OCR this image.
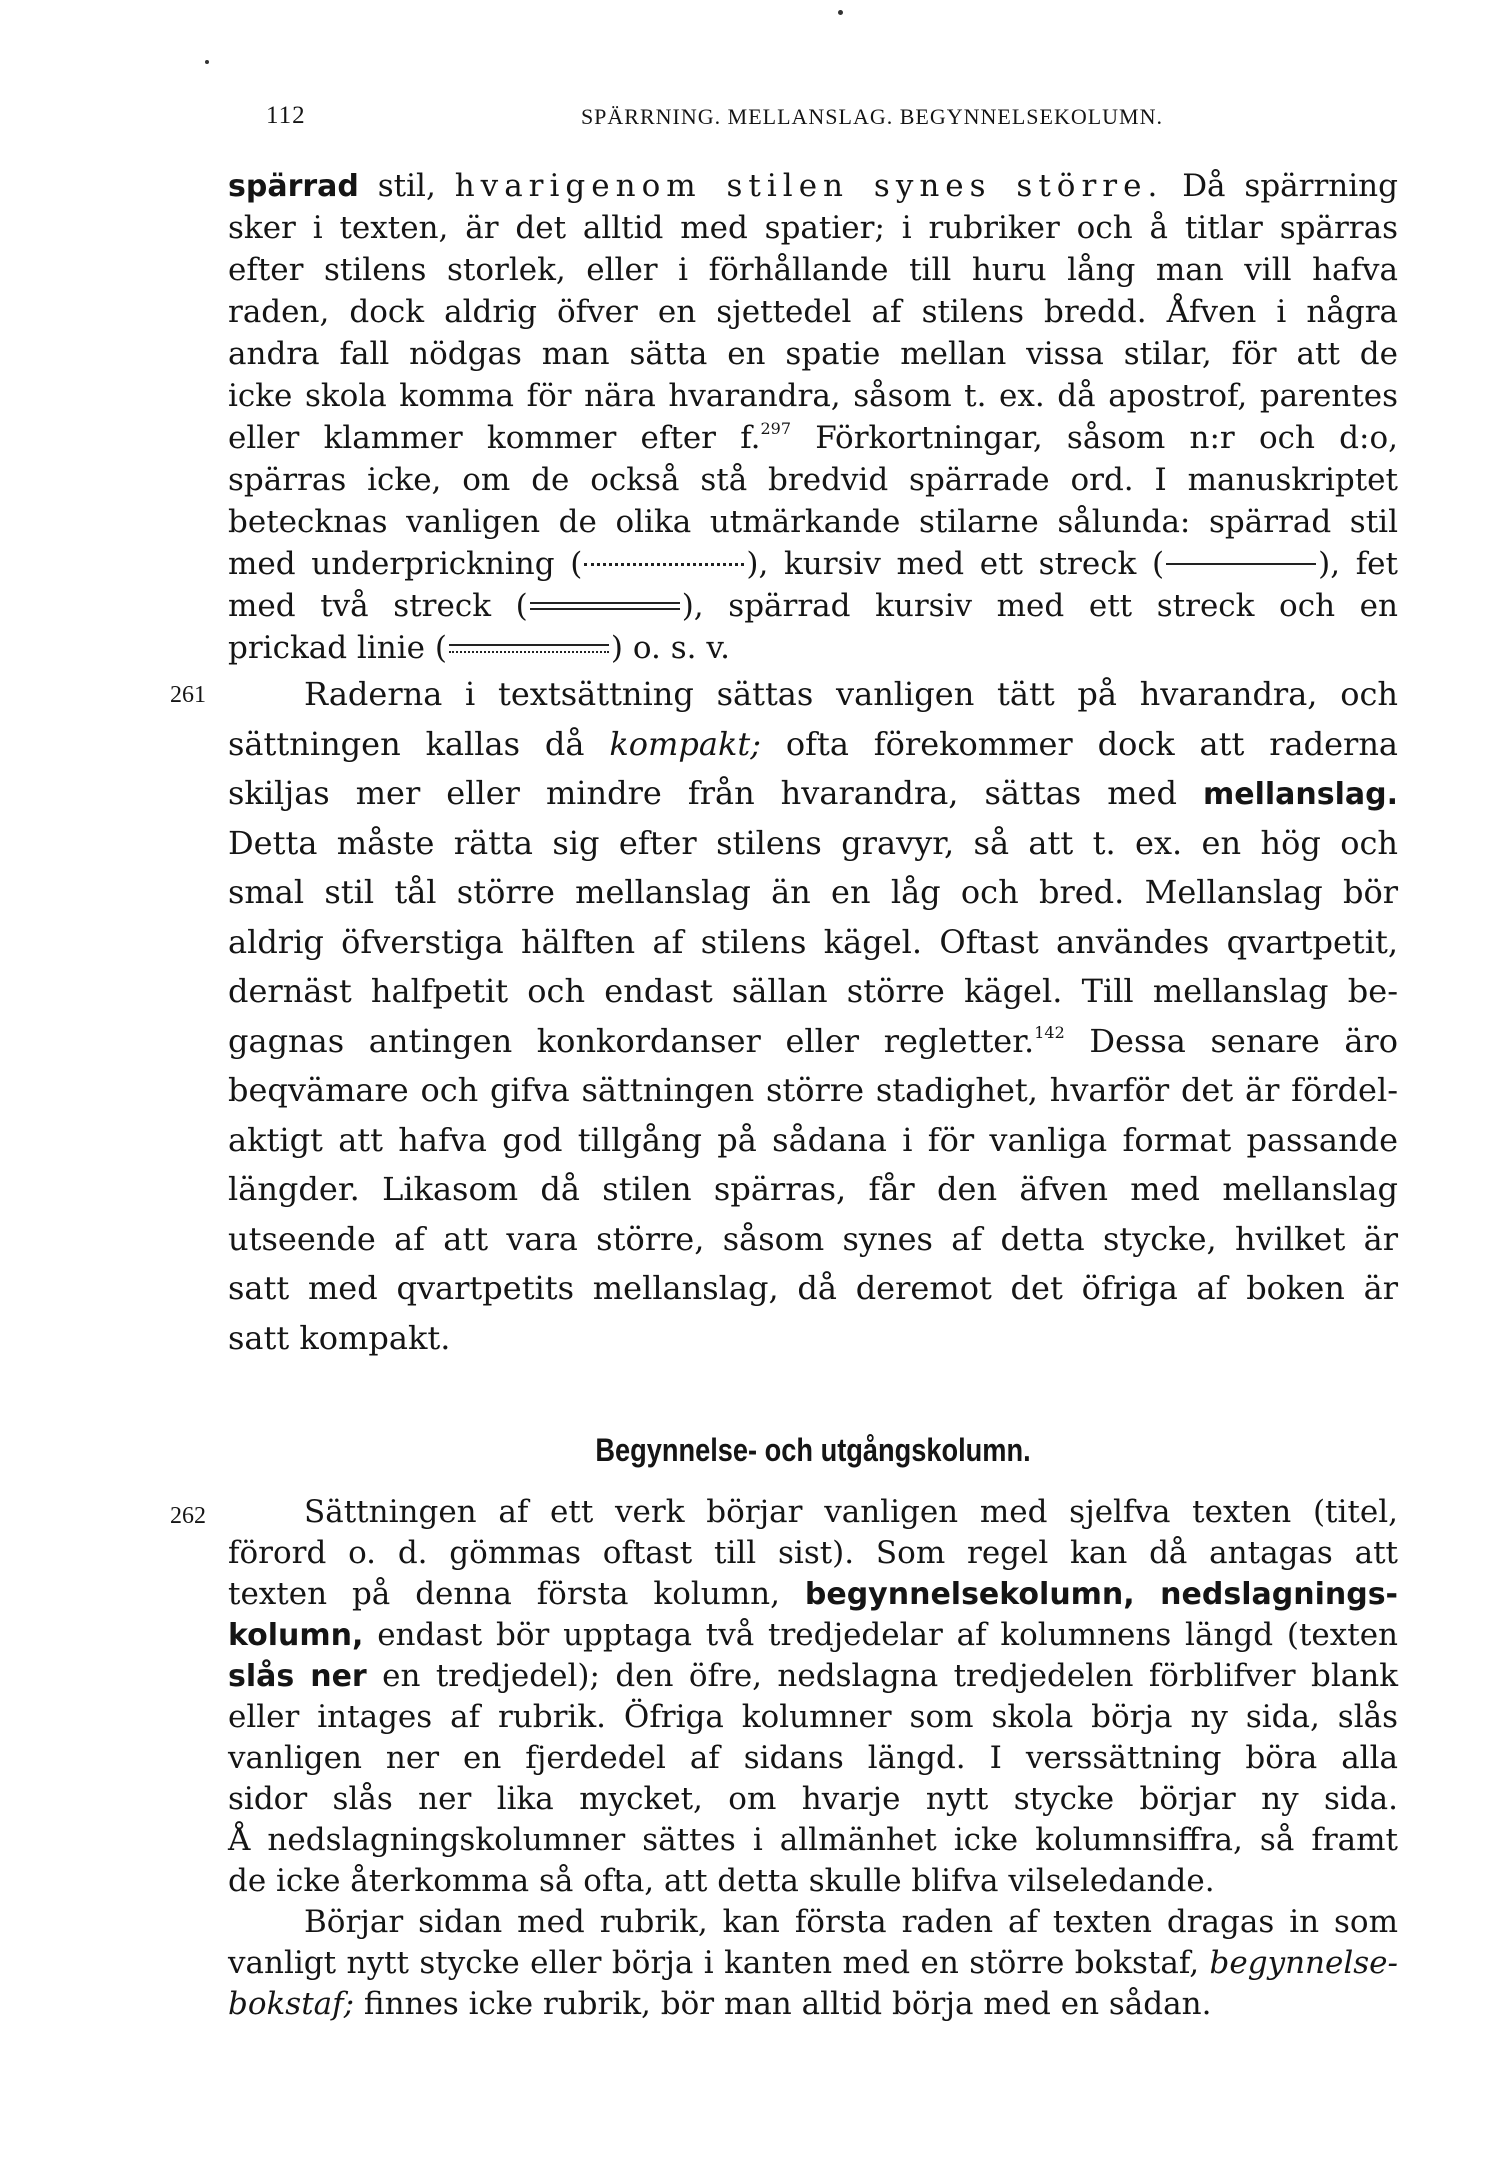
112	SPÄRRNING. MELLANSLAG. BEGYNNELSEKOLUMN.
spärrad stil, hvarigenom stilen synes större. Då spärrning
sker i texten, är det alltid med spatier; i rubriker och å titlar spärras
efter stilens storlek, eller i förhållande till huru lång man vill hafva
raden, dock aldrig öfver en sjettedel af stilens bredd. Åfven i några
andra fall nödgas man sätta en spatie mellan vissa stilar, för att de
icke skola komma för nära hvarandra, såsom t. ex. då apostrof, parentes
eller klammer kommer efter f.$^{297}$ Förkortningar, såsom n:r och d:o,
spärras icke, om de också stå bredvid spärrade ord. I manuskriptet
betecknas vanligen de olika utmärkande stilarne sålunda: spärrad stil
med underprickning (	), kursiv med ett streck (	), fet
med två streck (	), spärrad kursiv med ett streck och en
prickad linie (	) o. s. v.
261	Raderna i textsättning sättas vanligen tätt på hvarandra, och
sättningen kallas då kompakt; ofta förekommer dock att raderna
skiljas mer eller mindre från hvarandra, sättas med mellanslag.
Detta måste rätta sig efter stilens gravyr, så att t. ex. en hög och
smal stil tål större mellanslag än en låg och bred. Mellanslag bör
aldrig öfverstiga hälften af stilens kägel. Oftast användes qvartpetit,
dernäst halfpetit och endast sällan större kägel. Till mellanslag be-
gagnas antingen konkordanser eller regletter.$^{142}$ Dessa senare äro
beqvämare och gifva sättningen större stadighet, hvarför det är fördel-
aktigt att hafva god tillgång på sådana i för vanliga format passande
längder. Likasom då stilen spärras, får den äfven med mellanslag
utseende af att vara större, såsom synes af detta stycke, hvilket är
satt med qvartpetits mellanslag, då deremot det öfriga af boken är
satt kompakt.
Begynnelse- och utgångskolumn.
262	Sättningen af ett verk börjar vanligen med sjelfva texten (titel,
förord o. d. gömmas oftast till sist). Som regel kan då antagas att
texten på denna första kolumn, begynnelsekolumn, nedslagnings-
kolumn, endast bör upptaga två tredjedelar af kolumnens längd (texten
slås ner en tredjedel); den öfre, nedslagna tredjedelen förblifver blank
eller intages af rubrik. Öfriga kolumner som skola börja ny sida, slås
vanligen ner en fjerdedel af sidans längd. I verssättning böra alla
sidor slås ner lika mycket, om hvarje nytt stycke börjar ny sida.
Å nedslagningskolumner sättes i allmänhet icke kolumnsiffra, så framt
de icke återkomma så ofta, att detta skulle blifva vilseledande.
Börjar sidan med rubrik, kan första raden af texten dragas in som
vanligt nytt stycke eller börja i kanten med en större bokstaf, begynnelse-
bokstaf; finnes icke rubrik, bör man alltid börja med en sådan.
